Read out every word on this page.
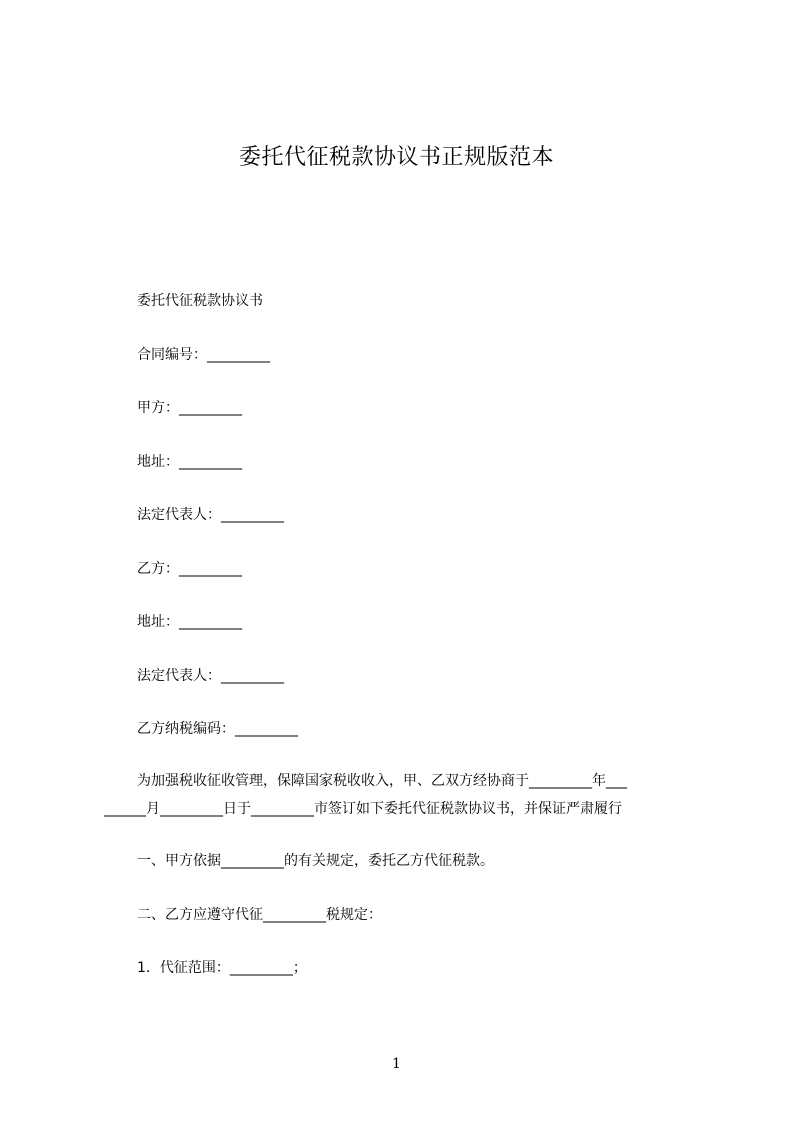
委托代征税款协议书正规版范本
委托代征税款协议书
合同编号：_________
甲方：_________
地址：_________
法定代表人：_________
乙方：_________
地址：_________
法定代表人：_________
乙方纳税编码：_________
为加强税收征收管理，保障国家税收收入，甲、乙双方经协商于_________年___
______月_________日于_________市签订如下委托代征税款协议书，并保证严肃履行
一、甲方依据_________的有关规定，委托乙方代征税款。
二、乙方应遵守代征_________税规定：
1．代征范围：_________；
1
